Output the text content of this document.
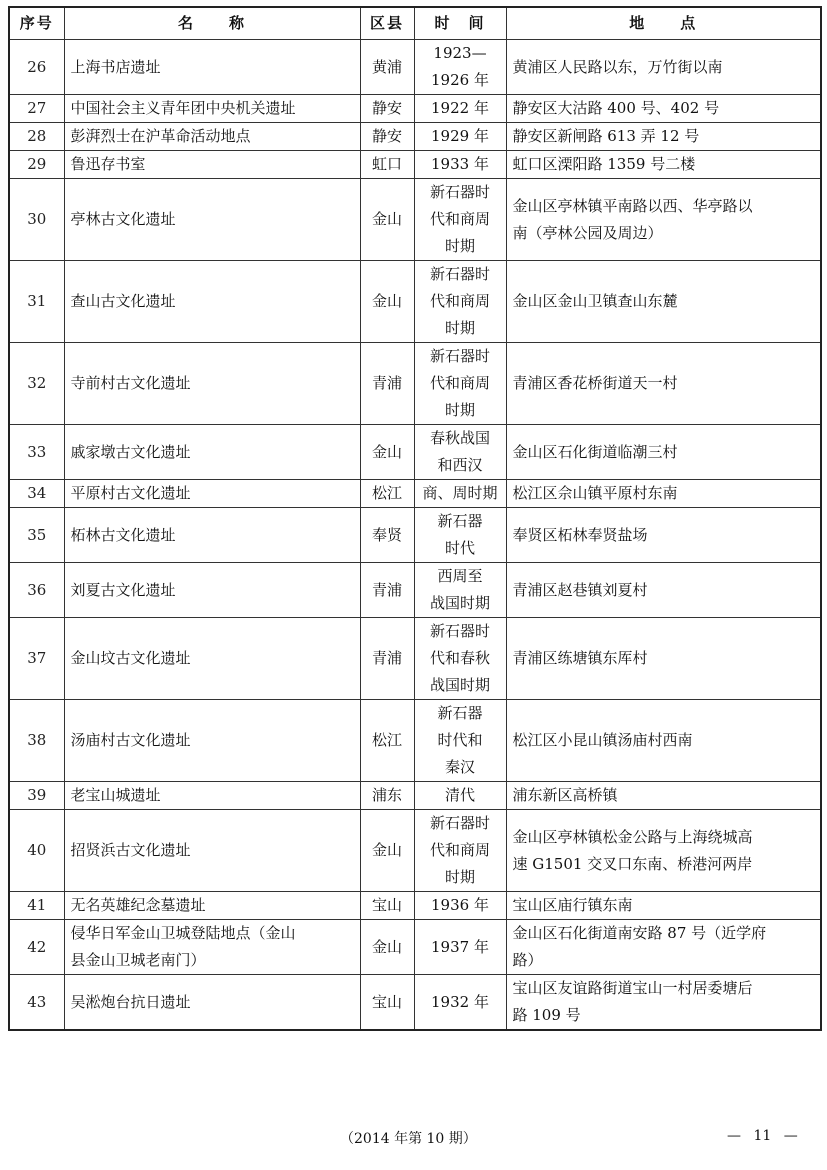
序号	名　　称	区县	时　间	地　　点
26	上海书店遗址	黄浦	1923—
1926 年	黄浦区人民路以东，万竹街以南

27	中国社会主义青年团中央机关遗址	静安	1922 年	静安区大沽路 400 号、402 号

28	彭湃烈士在沪革命活动地点	静安	1929 年	静安区新闸路 613 弄 12 号

29	鲁迅存书室	虹口	1933 年	虹口区溧阳路 1359 号二楼

30	亭林古文化遗址	金山	新石器时
代和商周
时期	金山区亭林镇平南路以西、华亭路以
南（亭林公园及周边）

31	查山古文化遗址	金山	新石器时
代和商周
时期	金山区金山卫镇查山东麓

32	寺前村古文化遗址	青浦	新石器时
代和商周
时期	青浦区香花桥街道天一村

33	戚家墩古文化遗址	金山	春秋战国
和西汉	金山区石化街道临潮三村

34	平原村古文化遗址	松江	商、周时期	松江区佘山镇平原村东南

35	柘林古文化遗址	奉贤	新石器
时代	奉贤区柘林奉贤盐场

36	刘夏古文化遗址	青浦	西周至
战国时期	青浦区赵巷镇刘夏村

37	金山坟古文化遗址	青浦	新石器时
代和春秋
战国时期	青浦区练塘镇东厍村

38	汤庙村古文化遗址	松江	新石器
时代和
秦汉	松江区小昆山镇汤庙村西南

39	老宝山城遗址	浦东	清代	浦东新区高桥镇

40	招贤浜古文化遗址	金山	新石器时
代和商周
时期	金山区亭林镇松金公路与上海绕城高
速 G1501 交叉口东南、桥港河两岸

41	无名英雄纪念墓遗址	宝山	1936 年	宝山区庙行镇东南

42	侵华日军金山卫城登陆地点（金山
县金山卫城老南门）	金山	1937 年	金山区石化街道南安路 87 号（近学府
路）

43	吴淞炮台抗日遗址	宝山	1932 年	宝山区友谊路街道宝山一村居委塘后
路 109 号
（2014 年第 10 期）	— 11 —
